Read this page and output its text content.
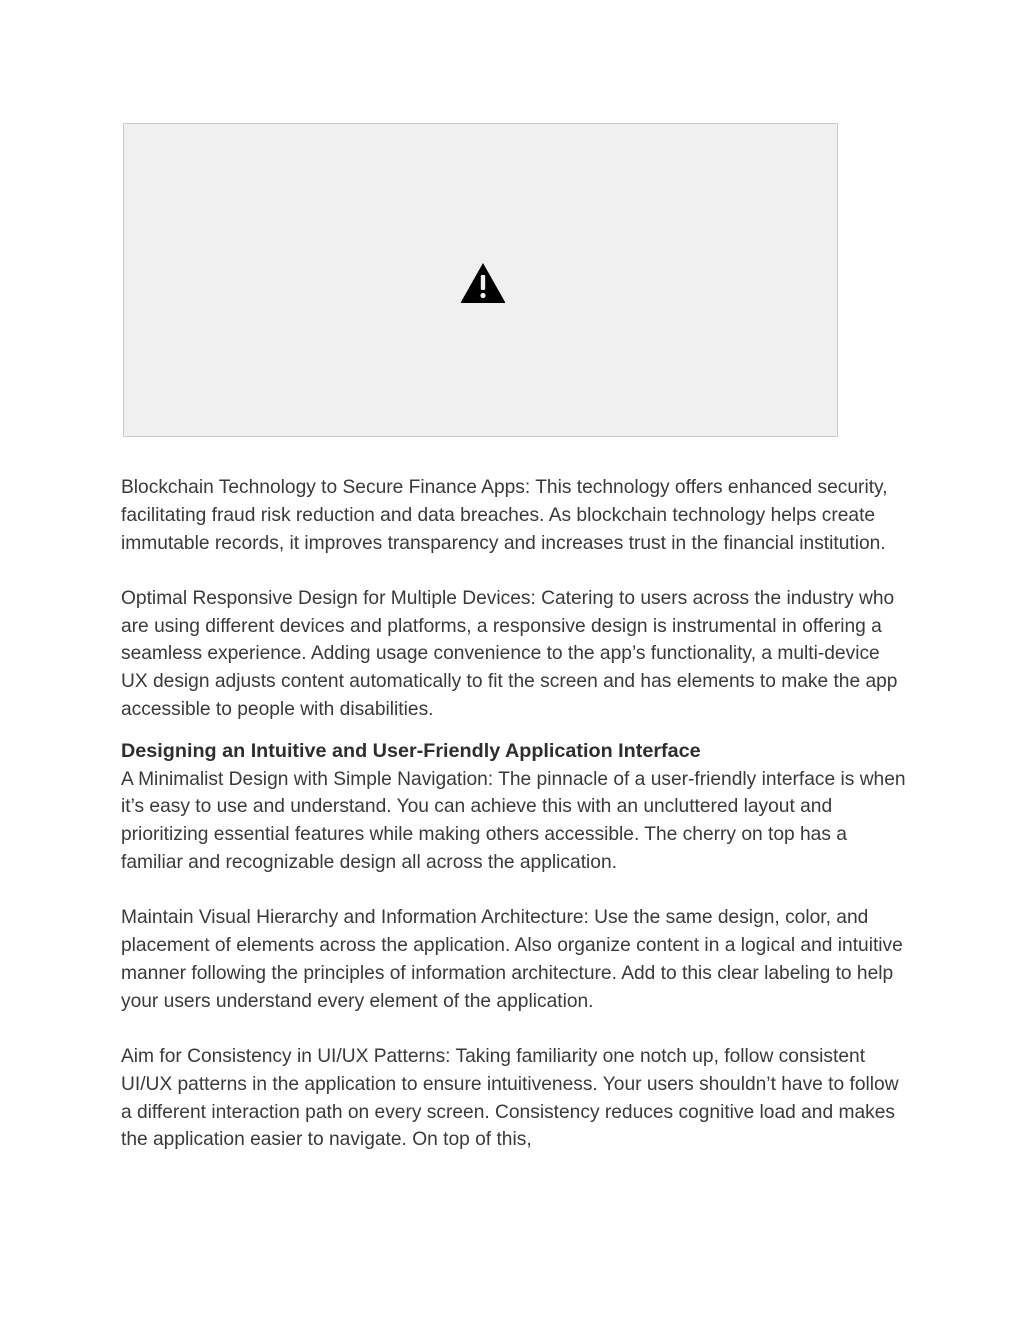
Blockchain Technology to Secure Finance Apps: This technology offers enhanced security, facilitating fraud risk reduction and data breaches. As blockchain technology helps create immutable records, it improves transparency and increases trust in the financial institution.

Optimal Responsive Design for Multiple Devices: Catering to users across the industry who are using different devices and platforms, a responsive design is instrumental in offering a seamless experience. Adding usage convenience to the app’s functionality, a multi-device UX design adjusts content automatically to fit the screen and has elements to make the app accessible to people with disabilities.

Designing an Intuitive and User-Friendly Application Interface

A Minimalist Design with Simple Navigation: The pinnacle of a user-friendly interface is when it’s easy to use and understand. You can achieve this with an uncluttered layout and prioritizing essential features while making others accessible. The cherry on top has a familiar and recognizable design all across the application.

Maintain Visual Hierarchy and Information Architecture: Use the same design, color, and placement of elements across the application. Also organize content in a logical and intuitive manner following the principles of information architecture. Add to this clear labeling to help your users understand every element of the application.

Aim for Consistency in UI/UX Patterns: Taking familiarity one notch up, follow consistent UI/UX patterns in the application to ensure intuitiveness. Your users shouldn’t have to follow a different interaction path on every screen. Consistency reduces cognitive load and makes the application easier to navigate. On top of this,
